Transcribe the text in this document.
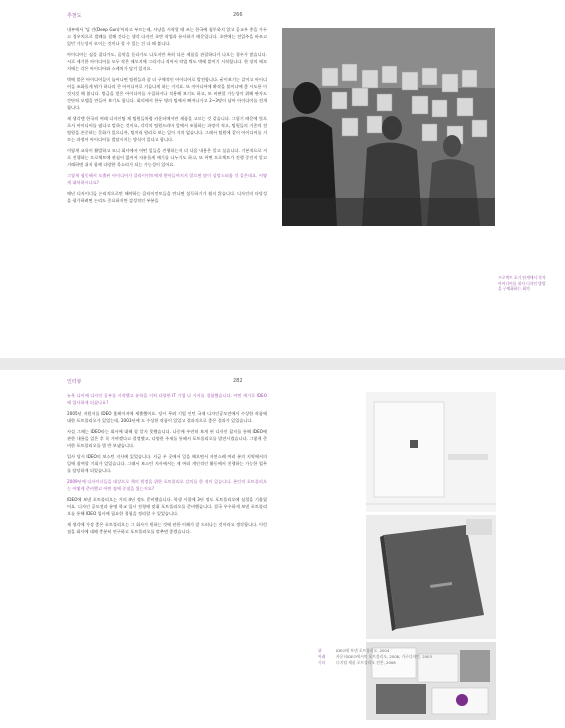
추천도	266

내부에서 '딥 건(Deep Gun)'이라고 부르는데, 사냥을 시작할 때 쓰는 한국에 침투하지 않고 공교우 총을 가두고 경우치으로 발레를 결해 간다는 생각 다자인 초반 작업과 유사하기 때문입니다. 초반에는 전입주을 바쓰고 있던 가능성이 모이는 것이나 할 수 있는 건 다 해 봅니다.

아이디어는 심플 잡다가도, 음악을 듣다가도 나오지만 특히 다른 제품을 관찰하다가 나오는 경우가 많습니다. 서로 제기한 아이디어를 모두 작은 메모지에 그리거나 적어서 작업 벽도 벽에 붙이기 시작합니다. 한 장의 메모지에는 각은 아이디어와 스케치가 담겨 있지요.

벽에 붙은 아이디어들이 늘어나면 팀원들과 좀 더 구체적인 아이디어로 발전합니다. 굳이보기는 같이고 아이디어들 조화롭게 뭐가 하나의 큰 아이디어로 거듭나게 하는 거지요. 또 이아디어에 확작을 붙이냐에 좋 시도용 이것저것 해 봅니다. 방금을 얻은 아이디어를 수집하거나 적용해 보기도 하고, 또 비판할 가능성이 위해 판자도 간단히 모델을 만들어 보기도 합니다. 회의에서 한두 명의 팀에서 빠져나가고 2~3명이 남아 아이디어를 전개합니다.

제 생각엔 한국의 여래 디자인팀 제 팀원들처럼 카운터에서만 제품을 고르는 것 같습니다. 그렇기 때문에 빛으로서 아이디어를 냈다고 말하는 것이요, 각각의 팀원드라마 앞에서 조합하는 과정이 적고, 팀원들의 기존의 전 팀원을 존중하는 문화가 있으니까, 팀끼리 원리로 보는 일이 거의 없습니다. 그래서 팀원에 같이 아이디어를 거르는 과정이 아이디어를 발달시키는 방식이 있다고 합니다.

이렇게 교육이 활발하고 모니 회사에서 어떤 일들을 진행하는지 더 다음 내용은 알고 싶습니다. 기본적으로 서로 진행하는 프로젝트에 관심이 없어서 자유롭게 얘기를 나누기도 하고, 또 어떤 프로젝트가 진행 중인지 알고 거래하면 쉬지 함께 다양한 목소리가 되는 가능성이 있어요.

그렇게 협동해서 도출된 아이디어가 클라이언트에게 받아들여지지 않으면 많이 실망스러울 것 같은데요. 어떻게 대처하시나요?

매년 디자이너들 논리적으로만 해야하는 클라이언트들을 만나면 설득하기가 쉽지 않습니다. 디자인의 타당성을 평가하려면 논리도 중요하지만 감성적인 부분을

프로젝트 초기 단계에서 각자 아이디어를 내서 디자인 방법을 구체화하는 회의
인터뷰	282

뉴욕 나이에 디자인 공부를 시작했고 유학을 거쳐 다양한 IT 기업 나 가지를 경험했습니다. 어떤 계기로 IDEO에 입사하게 되셨나요?

2005년 지원서를 IDEO 홈페이지에 제출했어요. 당시 무려 기업 인턴 국제 디자인공모전에서 수상한 작품에 대한 포트폴리오가 있었는데, 2003년에 도 수상한 작품이 있었고 결과적으로 좋은 결과가 있었습니다.

사실 그때는 IDEO라는 회사에 대해 잘 알지 못했습니다. 나중에 우연히 보게 된 디자인 잡지를 통해 IDEO에 관한 내용을 읽은 후 꼭 가야겠다고 결정했고, 다양한 주제를 통해서 포트폴리오를 발전시켰습니다. 그렇게 준비한 포트폴리오를 별 반 보냈습니다.

입사 당시 IDEO의 보스턴 지사에 있었습니다. 지금 우 곳에서 일을 해오면서 자연스레 여러 분의 지역에서의 일에 참여할 기회가 있었습니다. 그래서 보스턴 지사에서는 제 여러 개인적인 활동에서 진행하는 가능한 업무를 담당하게 되었습니다.

2009년에 디자이너들을 대상으로 책의 원정을 위한 포트폴리오 강의를 한 적이 있습니다. 본인의 포트폴리오는 어떻게 준비했고 어떤 점에 중점을 뒀는지요?

IDEO에 보낸 포트폴리오는 거의 4년 정도 준비했습니다. 학생 시절에 3년 정도 포트폴리오에 심혈을 기울였어요. 디자인 공모전과 유명 학교 입시 전형에 맞춰 포트폴리오를 준비했습니다. 결국 우수하게 보낸 포트폴리오를 통해 IDEO 입사에 필요한 경험을 정리할 수 있었습니다.

제 생각에 가장 좋은 포트폴리오는 그 회사가 원하는 것에 관한 이해가 잘 드러나는 것이라고 생각합니다. 이런 점을 회사에 대해 충분히 연구하고 포트폴리오를 맞추면 좋겠습니다.

위	IDEO에 보낸 포트폴리오, 2004
아래	카운터IDEO에서의 포트폴리오, 2008, 가구디자인, 2003
기타	디지털 제품 포트폴리오 견본, 2006
